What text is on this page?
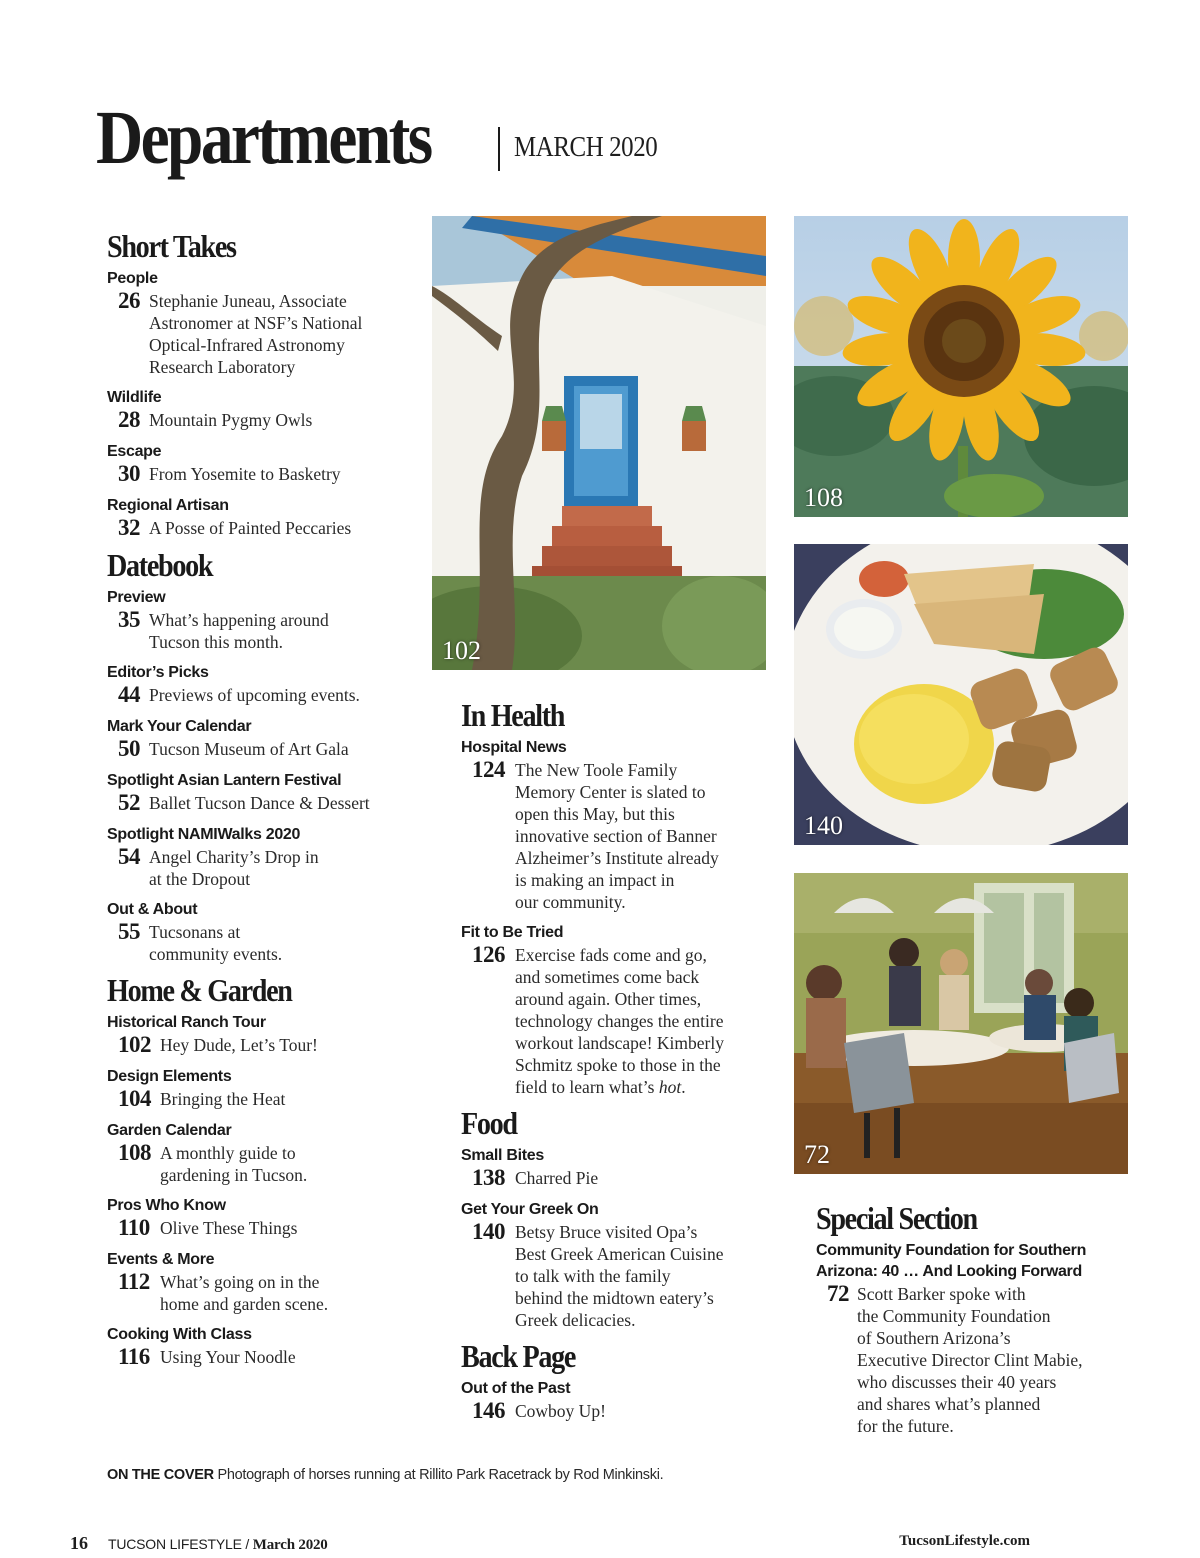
Departments	MARCH 2020
Short Takes
People
26 Stephanie Juneau, Associate
Astronomer at NSF’s National
Optical-Infrared Astronomy
Research Laboratory
Wildlife
28 Mountain Pygmy Owls
Escape
30 From Yosemite to Basketry
Regional Artisan
32 A Posse of Painted Peccaries
Datebook
Preview
35 What’s happening around
Tucson this month.
Editor’s Picks
44 Previews of upcoming events.
Mark Your Calendar
50 Tucson Museum of Art Gala
Spotlight Asian Lantern Festival
52 Ballet Tucson Dance & Dessert
Spotlight NAMIWalks 2020
54 Angel Charity’s Drop in
at the Dropout
Out & About
55 Tucsonans at
community events.
Home & Garden
Historical Ranch Tour
102 Hey Dude, Let’s Tour!
Design Elements
104 Bringing the Heat
Garden Calendar
108 A monthly guide to
gardening in Tucson.
Pros Who Know
110 Olive These Things
Events & More
112 What’s going on in the
home and garden scene.
Cooking With Class
116 Using Your Noodle
102
In Health
Hospital News
124 The New Toole Family
Memory Center is slated to
open this May, but this
innovative section of Banner
Alzheimer’s Institute already
is making an impact in
our community.
Fit to Be Tried
126 Exercise fads come and go,
and sometimes come back
around again. Other times,
technology changes the entire
workout landscape! Kimberly
Schmitz spoke to those in the
field to learn what’s hot.
Food
Small Bites
138 Charred Pie
Get Your Greek On
140 Betsy Bruce visited Opa’s
Best Greek American Cuisine
to talk with the family
behind the midtown eatery’s
Greek delicacies.
Back Page
Out of the Past
146 Cowboy Up!
108
140
72
Special Section
Community Foundation for Southern
Arizona: 40 … And Looking Forward
72 Scott Barker spoke with
the Community Foundation
of Southern Arizona’s
Executive Director Clint Mabie,
who discusses their 40 years
and shares what’s planned
for the future.
ON THE COVER Photograph of horses running at Rillito Park Racetrack by Rod Minkinski.
16 TUCSON LIFESTYLE / March 2020	TucsonLifestyle.com
